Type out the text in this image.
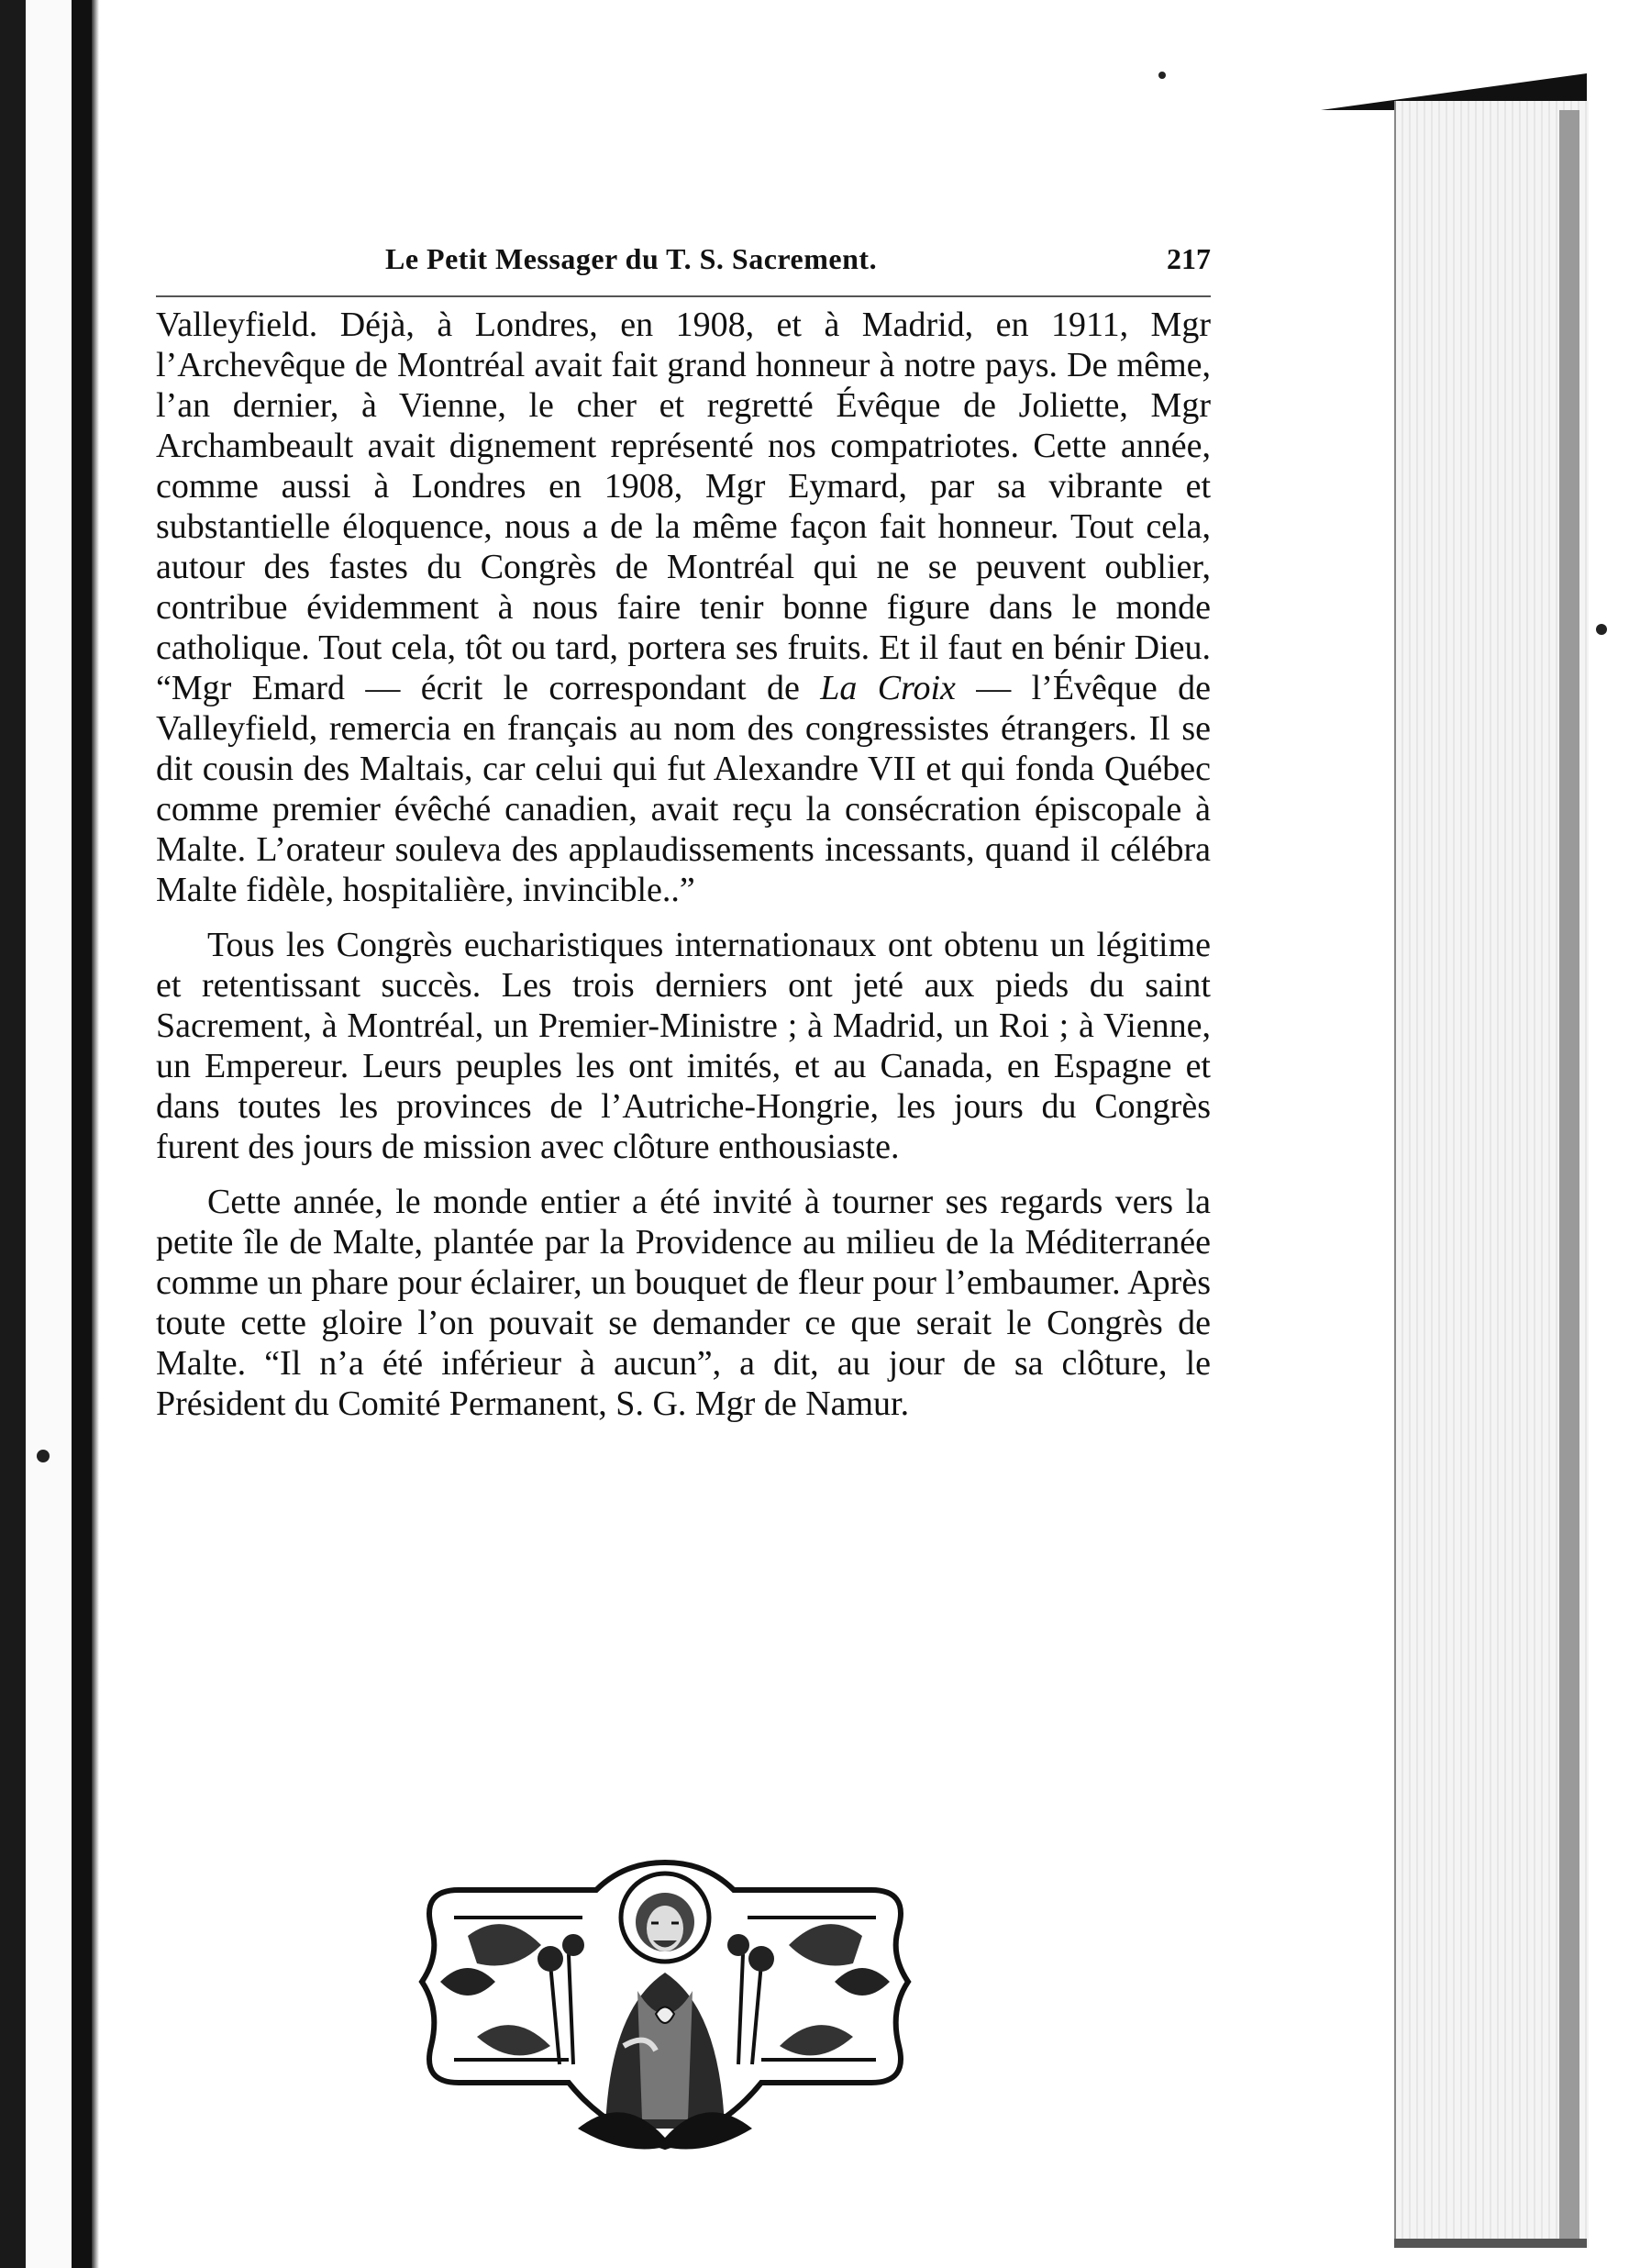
Le Petit Messager du T. S. Sacrement.	217

Valleyfield. Déjà, à Londres, en 1908, et à Madrid, en 1911, Mgr l’Archevêque de Montréal avait fait grand honneur à notre pays. De même, l’an dernier, à Vienne, le cher et regretté Évêque de Joliette, Mgr Archambeault avait dignement représenté nos compatriotes. Cette année, comme aussi à Londres en 1908, Mgr Eymard, par sa vibrante et substantielle éloquence, nous a de la même façon fait honneur. Tout cela, autour des fastes du Congrès de Montréal qui ne se peuvent oublier, contribue évidemment à nous faire tenir bonne figure dans le monde catholique. Tout cela, tôt ou tard, portera ses fruits. Et il faut en bénir Dieu. “Mgr Emard — écrit le correspondant de La Croix — l’Évêque de Valleyfield, remercia en français au nom des congressistes étrangers. Il se dit cousin des Maltais, car celui qui fut Alexandre VII et qui fonda Québec comme premier évêché canadien, avait reçu la consécration épiscopale à Malte. L’orateur souleva des applaudissements incessants, quand il célébra Malte fidèle, hospitalière, invincible..”

Tous les Congrès eucharistiques internationaux ont obtenu un légitime et retentissant succès. Les trois derniers ont jeté aux pieds du saint Sacrement, à Montréal, un Premier-Ministre ; à Madrid, un Roi ; à Vienne, un Empereur. Leurs peuples les ont imités, et au Canada, en Espagne et dans toutes les provinces de l’Autriche-Hongrie, les jours du Congrès furent des jours de mission avec clôture enthousiaste.

Cette année, le monde entier a été invité à tourner ses regards vers la petite île de Malte, plantée par la Providence au milieu de la Méditerranée comme un phare pour éclairer, un bouquet de fleur pour l’embaumer. Après toute cette gloire l’on pouvait se demander ce que serait le Congrès de Malte. “Il n’a été inférieur à aucun”, a dit, au jour de sa clôture, le Président du Comité Permanent, S. G. Mgr de Namur.
